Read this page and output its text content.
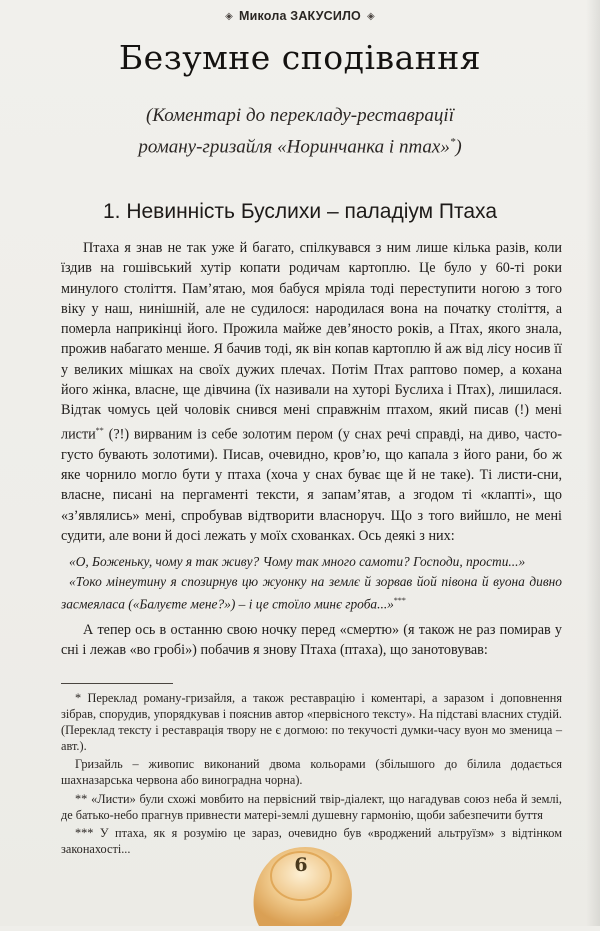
◈ Микола ЗАКУСИЛО ◈
Безумне сподівання
(Коментарі до перекладу-реставрації
роману-гризайля «Норинчанка і птах»*)
1. Невинність Буслихи – паладіум Птаха

Птаха я знав не так уже й багато, спілкувався з ним лише кілька разів, коли їздив на гошівський хутір копати родичам картоплю. Це було у 60-ті роки минулого століття. Пам’ятаю, моя бабуся мріяла тоді переступити ногою з того віку у наш, нинішній, але не судилося: народилася вона на початку століття, а померла наприкінці його. Прожила майже дев’яносто років, а Птах, якого знала, прожив набагато менше. Я бачив тоді, як він копав картоплю й аж від лісу носив її у великих мішках на своїх дужих плечах. Потім Птах раптово помер, а кохана його жінка, власне, ще дівчина (їх називали на хуторі Буслиха і Птах), лишилася. Відтак чомусь цей чоловік снився мені справжнім птахом, який писав (!) мені листи** (?!) вирваним із себе золотим пером (у снах речі справді, на диво, часто-густо бувають золотими). Писав, очевидно, кров’ю, що капала з його рани, бо ж яке чорнило могло бути у птаха (хоча у снах буває ще й не таке). Ті листи-сни, власне, писані на пергаменті тексти, я запам’ятав, а згодом ті «клапті», що «з’являлись» мені, спробував відтворити власноруч. Що з того вийшло, не мені судити, але вони й досі лежать у моїх схованках. Ось деякі з них:

«О, Боженьку, чому я так живу? Чому так много самоти? Господи, прости...»
«Токо мінеутину я спозирнув цю жуонку на землє й зорвав йой півона й вуона дивно засмеялаcа («Балуєте мене?») – і це стоїло минє гроба...»***

А тепер ось в останню свою ночку перед «смертю» (я також не раз помирав у сні і лежав «во гробі») побачив я знову Птаха (птаха), що занотовував:

* Переклад роману-гризайля, а також реставрацію і коментарі, а заразом і доповнення зібрав, спорудив, упорядкував і пояснив автор «первісного тексту». На підставі власних студій. (Переклад тексту і реставрація твору не є догмою: по текучості думки-часу вуон мо зменица – авт.).

Гризайль – живопис виконаний двома кольорами (збілышого до білила додається шахназарська червона або виноградна чорна).

** «Листи» були схожі мовбито на первісний твір-діалект, що нагадував союз неба й землі, де батько-небо прагнув привнести матері-землі душевну гармонію, щоби забезпечити буття

*** У птаха, як я розумію це зараз, очевидно був «вроджений альтруїзм» з відтінком законахості...

6
